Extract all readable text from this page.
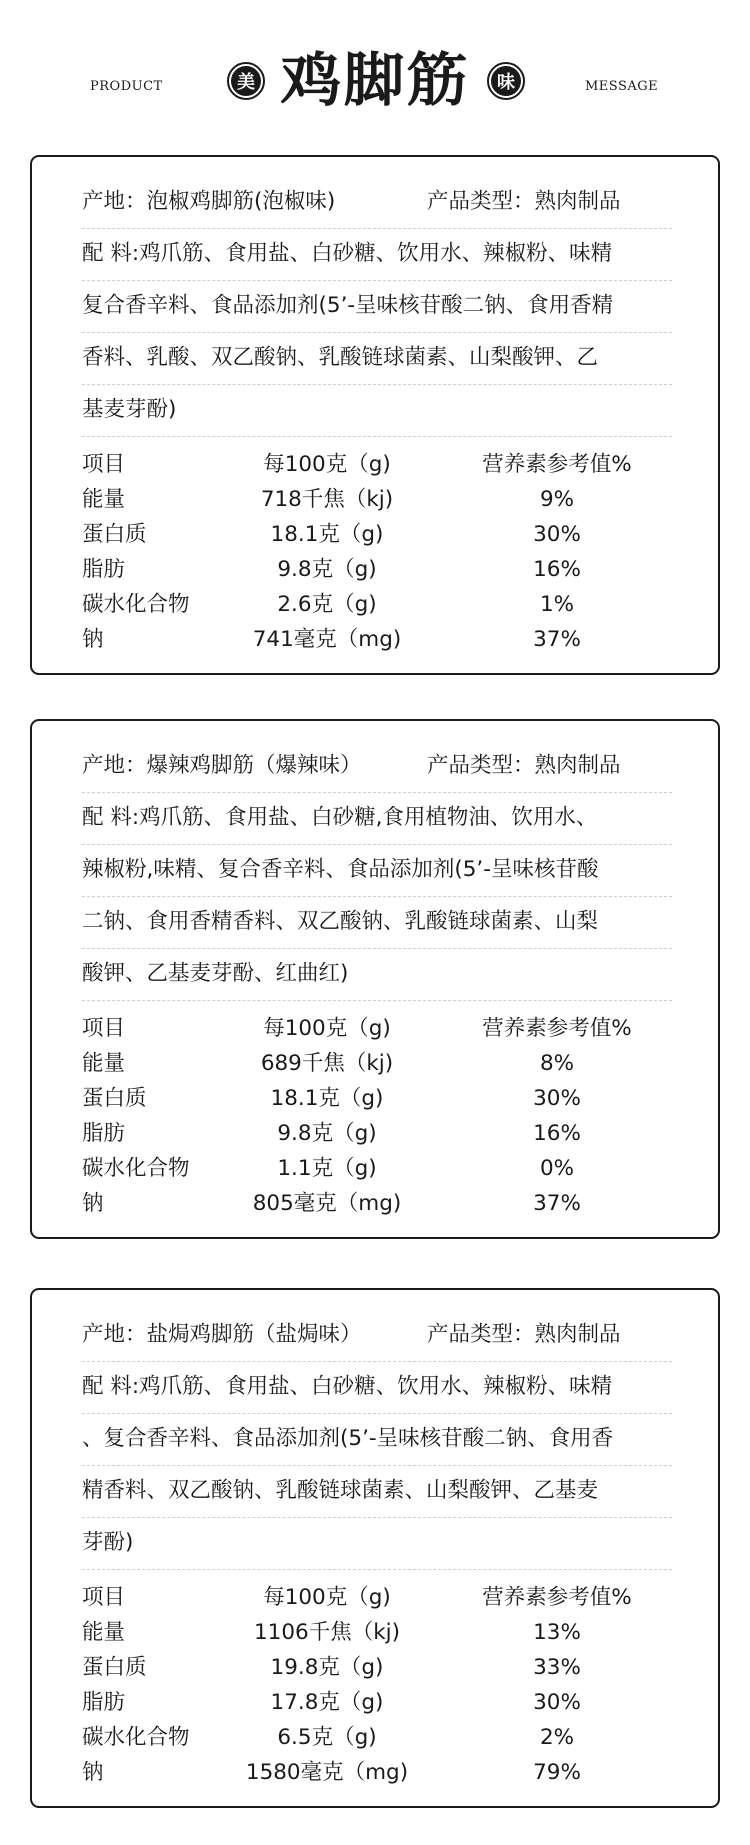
PRODUCT	美 鸡脚筋	味	MESSAGE
产地：泡椒鸡脚筋(泡椒味)	产品类型：熟肉制品
配 料:鸡爪筋、食用盐、白砂糖、饮用水、辣椒粉、味精
复合香辛料、食品添加剂(5’-呈味核苷酸二钠、食用香精
香料、乳酸、双乙酸钠、乳酸链球菌素、山梨酸钾、乙
基麦芽酚)
项目	每100克（g)	营养素参考值%
能量	718千焦（kj)	9%
蛋白质	18.1克（g)	30%
脂肪	9.8克（g)	16%
碳水化合物	2.6克（g)	1%
钠	741毫克（mg)	37%
产地：爆辣鸡脚筋（爆辣味）	产品类型：熟肉制品
配 料:鸡爪筋、食用盐、白砂糖,食用植物油、饮用水、
辣椒粉,味精、复合香辛料、食品添加剂(5’-呈味核苷酸
二钠、食用香精香料、双乙酸钠、乳酸链球菌素、山梨
酸钾、乙基麦芽酚、红曲红)
项目	每100克（g)	营养素参考值%
能量	689千焦（kj)	8%
蛋白质	18.1克（g)	30%
脂肪	9.8克（g)	16%
碳水化合物	1.1克（g)	0%
钠	805毫克（mg)	37%
产地：盐焗鸡脚筋（盐焗味）	产品类型：熟肉制品
配 料:鸡爪筋、食用盐、白砂糖、饮用水、辣椒粉、味精
、复合香辛料、食品添加剂(5’-呈味核苷酸二钠、食用香
精香料、双乙酸钠、乳酸链球菌素、山梨酸钾、乙基麦
芽酚)
项目	每100克（g)	营养素参考值%
能量	1106千焦（kj)	13%
蛋白质	19.8克（g)	33%
脂肪	17.8克（g)	30%
碳水化合物	6.5克（g)	2%
钠	1580毫克（mg)	79%
